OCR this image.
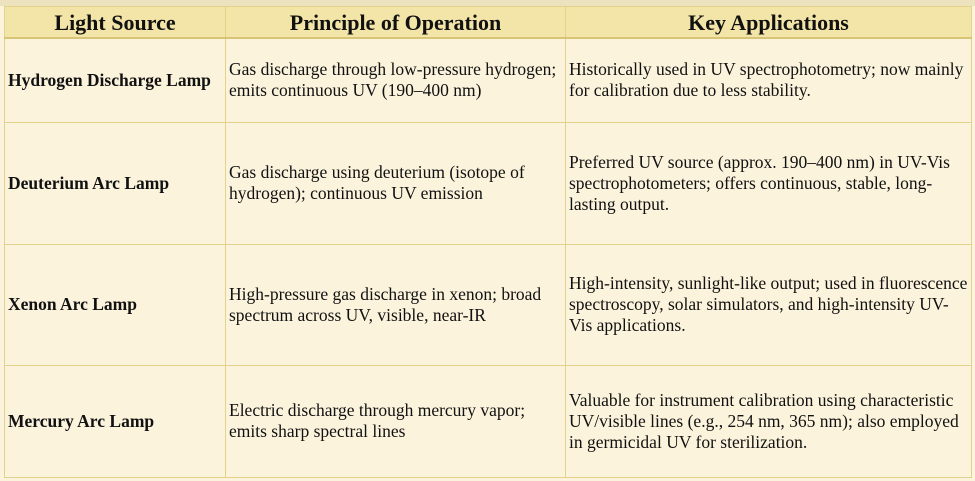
Light Source	Principle of Operation	Key Applications
Hydrogen Discharge Lamp	Gas discharge through low-pressure hydrogen; emits continuous UV (190–400 nm)	Historically used in UV spectrophotometry; now mainly for calibration due to less stability.
Deuterium Arc Lamp	Gas discharge using deuterium (isotope of hydrogen); continuous UV emission	Preferred UV source (approx. 190–400 nm) in UV-Vis spectrophotometers; offers continuous, stable, long-lasting output.
Xenon Arc Lamp	High-pressure gas discharge in xenon; broad spectrum across UV, visible, near-IR	High-intensity, sunlight-like output; used in fluorescence spectroscopy, solar simulators, and high-intensity UV-Vis applications.
Mercury Arc Lamp	Electric discharge through mercury vapor; emits sharp spectral lines	Valuable for instrument calibration using characteristic UV/visible lines (e.g., 254 nm, 365 nm); also employed in germicidal UV for sterilization.
